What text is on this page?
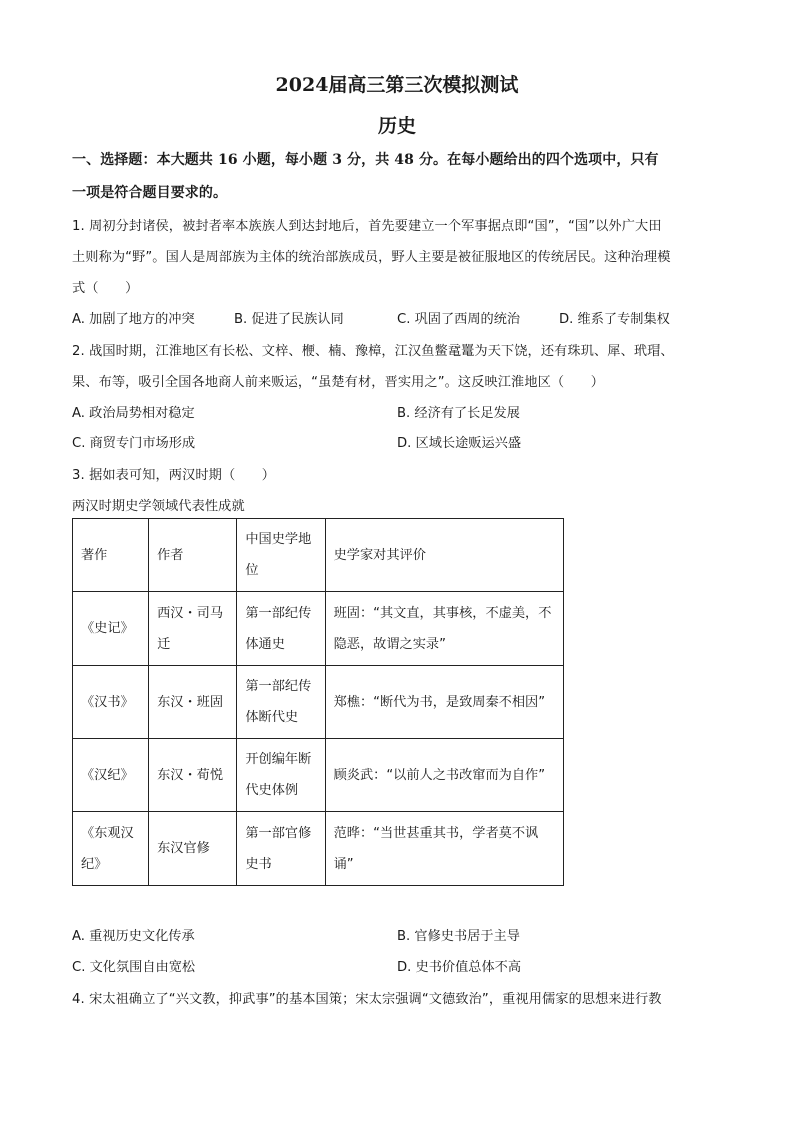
2024届高三第三次模拟测试
历史
一、选择题：本大题共 16 小题，每小题 3 分，共 48 分。在每小题给出的四个选项中，只有
一项是符合题目要求的。
1. 周初分封诸侯，被封者率本族族人到达封地后，首先要建立一个军事据点即“国”，“国”以外广大田
土则称为“野”。国人是周部族为主体的统治部族成员，野人主要是被征服地区的传统居民。这种治理模
式（　　）
A. 加剧了地方的冲突	B. 促进了民族认同	C. 巩固了西周的统治	D. 维系了专制集权
2. 战国时期，江淮地区有长松、文梓、楩、楠、豫樟，江汉鱼鳖鼋鼍为天下饶，还有珠玑、犀、玳瑁、
果、布等，吸引全国各地商人前来贩运，“虽楚有材，晋实用之”。这反映江淮地区（　　）
A. 政治局势相对稳定	B. 经济有了长足发展
C. 商贸专门市场形成	D. 区域长途贩运兴盛
3. 据如表可知，两汉时期（　　）
两汉时期史学领域代表性成就
著作	作者	中国史学地位	史学家对其评价
《史记》	西汉・司马迁	第一部纪传体通史	班固：“其文直，其事核，不虚美，不隐恶，故谓之实录”
《汉书》	东汉・班固	第一部纪传体断代史	郑樵：“断代为书，是致周秦不相因”
《汉纪》	东汉・荀悦	开创编年断代史体例	顾炎武：“以前人之书改窜而为自作”
《东观汉纪》	东汉官修	第一部官修史书	范晔：“当世甚重其书，学者莫不讽诵”
A. 重视历史文化传承	B. 官修史书居于主导
C. 文化氛围自由宽松	D. 史书价值总体不高
4. 宋太祖确立了“兴文教，抑武事”的基本国策；宋太宗强调“文德致治”，重视用儒家的思想来进行教
